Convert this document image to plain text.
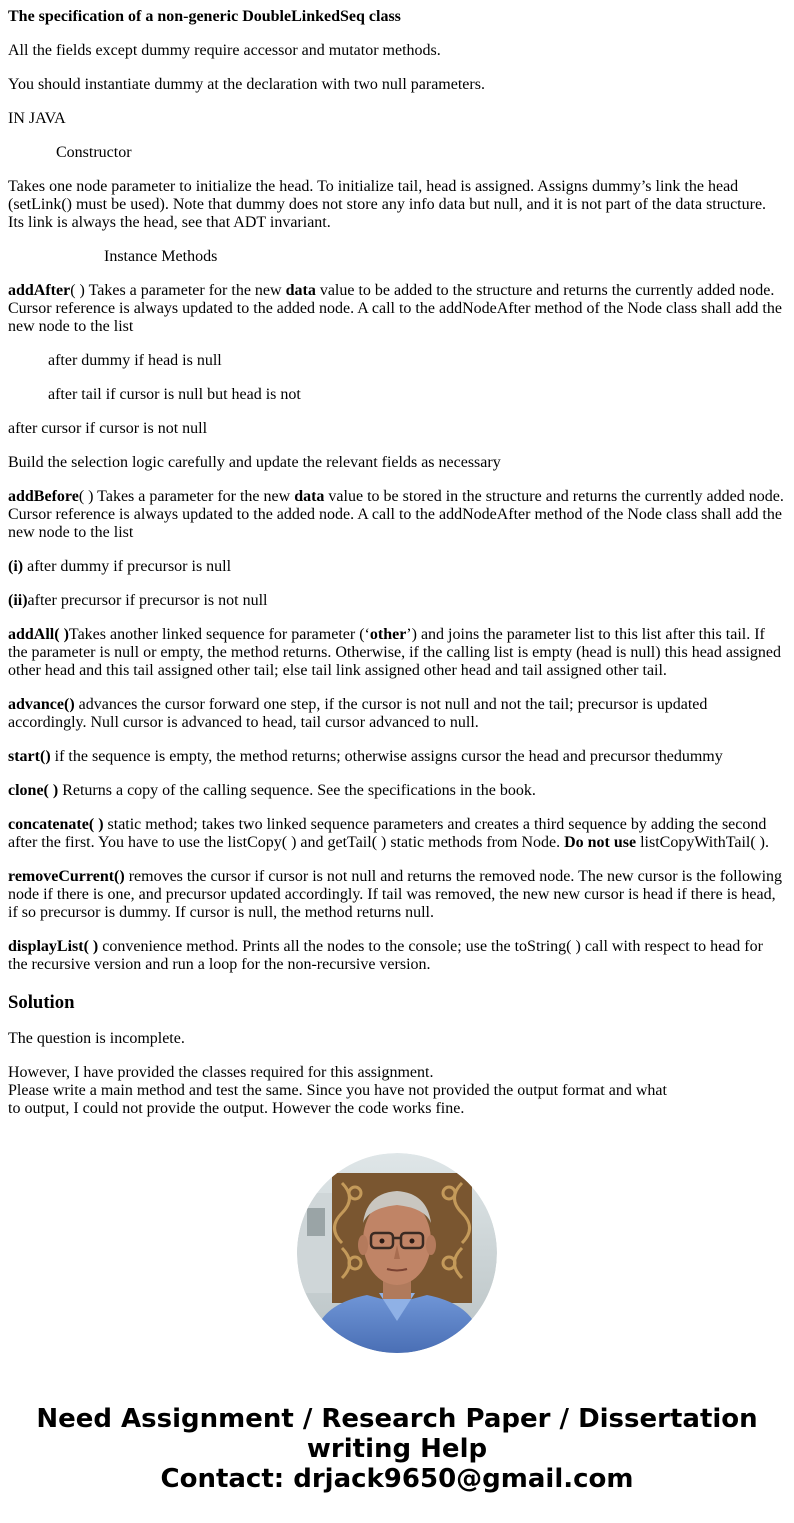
The specification of a non-generic DoubleLinkedSeq class

All the fields except dummy require accessor and mutator methods.

You should instantiate dummy at the declaration with two null parameters.

IN JAVA

Constructor

Takes one node parameter to initialize the head. To initialize tail, head is assigned. Assigns dummy’s link the head (setLink() must be used). Note that dummy does not store any info data but null, and it is not part of the data structure. Its link is always the head, see that ADT invariant.

Instance Methods

addAfter( ) Takes a parameter for the new data value to be added to the structure and returns the currently added node. Cursor reference is always updated to the added node. A call to the addNodeAfter method of the Node class shall add the new node to the list

after dummy if head is null

after tail if cursor is null but head is not

after cursor if cursor is not null

Build the selection logic carefully and update the relevant fields as necessary

addBefore( ) Takes a parameter for the new data value to be stored in the structure and returns the currently added node. Cursor reference is always updated to the added node. A call to the addNodeAfter method of the Node class shall add the new node to the list

(i) after dummy if precursor is null

(ii)after precursor if precursor is not null

addAll( )Takes another linked sequence for parameter (‘other’) and joins the parameter list to this list after this tail. If the parameter is null or empty, the method returns. Otherwise, if the calling list is empty (head is null) this head assigned other head and this tail assigned other tail; else tail link assigned other head and tail assigned other tail.

advance() advances the cursor forward one step, if the cursor is not null and not the tail; precursor is updated accordingly. Null cursor is advanced to head, tail cursor advanced to null.

start() if the sequence is empty, the method returns; otherwise assigns cursor the head and precursor thedummy

clone( ) Returns a copy of the calling sequence. See the specifications in the book.

concatenate( ) static method; takes two linked sequence parameters and creates a third sequence by adding the second after the first. You have to use the listCopy( ) and getTail( ) static methods from Node. Do not use listCopyWithTail( ).

removeCurrent() removes the cursor if cursor is not null and returns the removed node. The new cursor is the following node if there is one, and precursor updated accordingly. If tail was removed, the new new cursor is head if there is head, if so precursor is dummy. If cursor is null, the method returns null.

displayList( ) convenience method. Prints all the nodes to the console; use the toString( ) call with respect to head for the recursive version and run a loop for the non-recursive version.

Solution

The question is incomplete.

However, I have provided the classes required for this assignment.
Please write a main method and test the same. Since you have not provided the output format and what
to output, I could not provide the output. However the code works fine.

Need Assignment / Research Paper / Dissertation
writing Help
Contact: drjack9650@gmail.com
